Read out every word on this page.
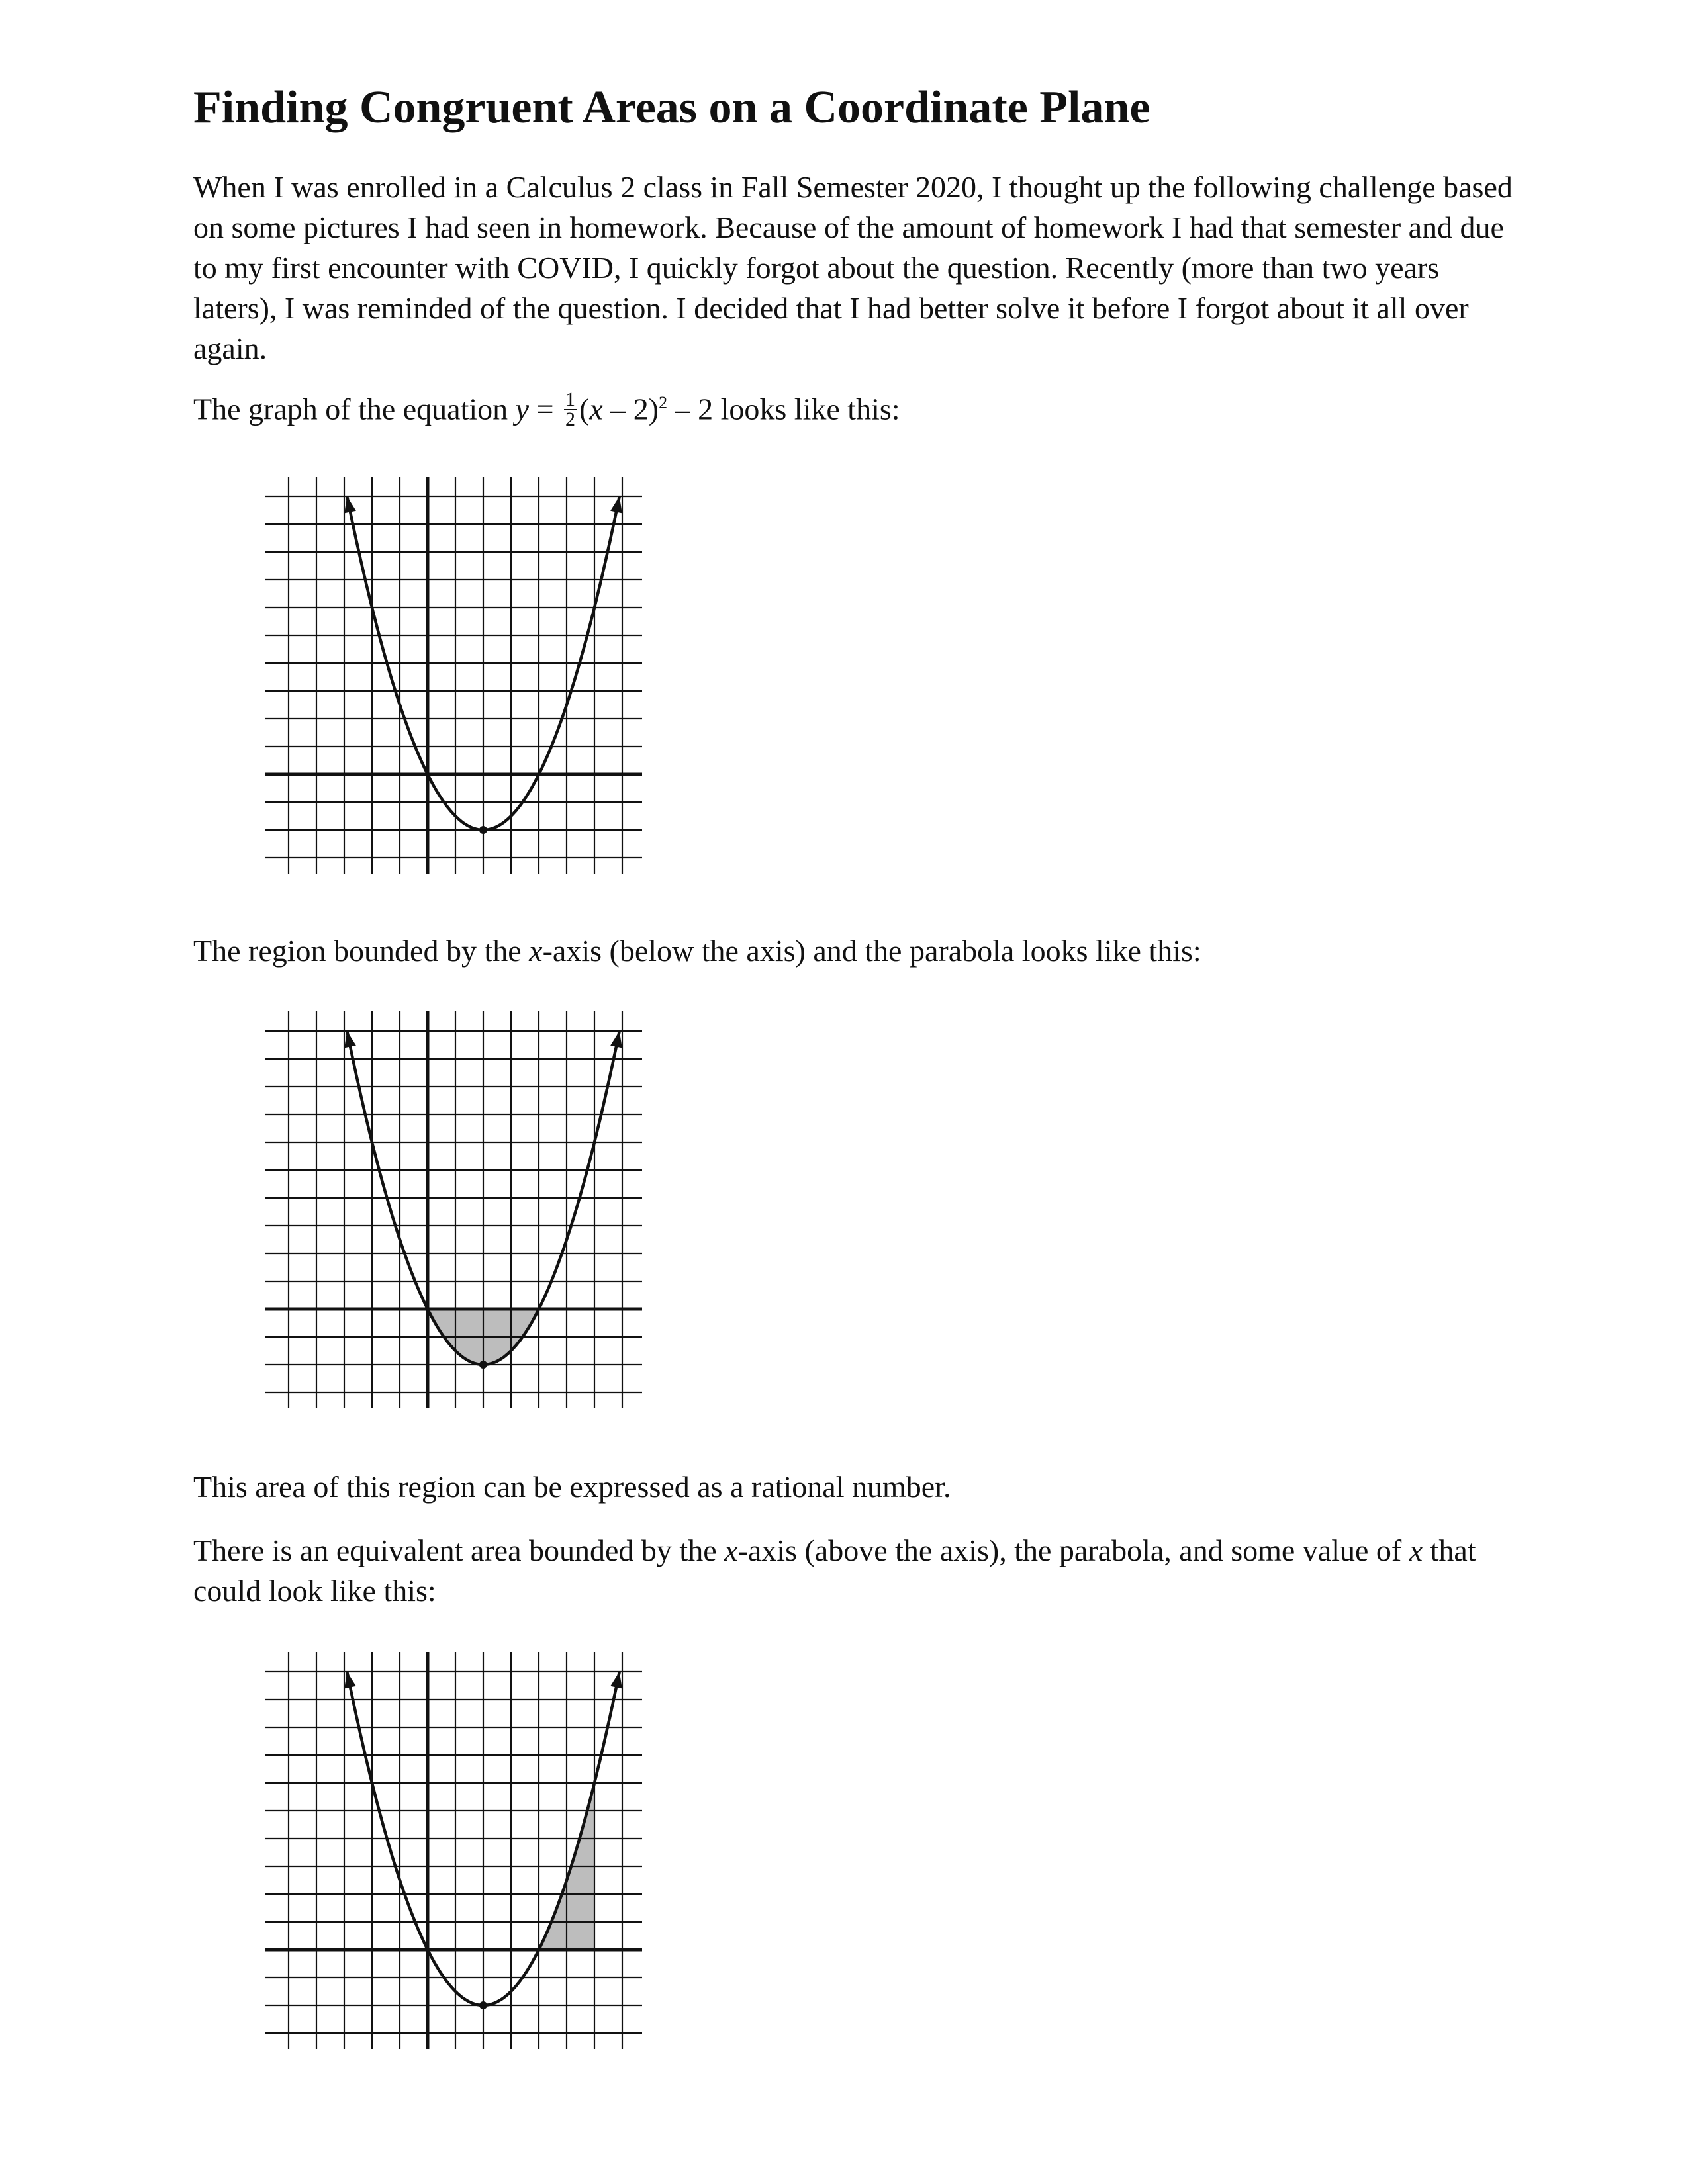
Finding Congruent Areas on a Coordinate Plane

When I was enrolled in a Calculus 2 class in Fall Semester 2020, I thought up the following challenge based on some pictures I had seen in homework. Because of the amount of homework I had that semester and due to my first encounter with COVID, I quickly forgot about the question. Recently (more than two years laters), I was reminded of the question. I decided that I had better solve it before I forgot about it all over again.

The graph of the equation $y = \frac{1}{2} (x - 2)^2 - 2$ looks like this:

The region bounded by the x-axis (below the axis) and the parabola looks like this:

This area of this region can be expressed as a rational number.

There is an equivalent area bounded by the x-axis (above the axis), the parabola, and some value of x that could look like this:
